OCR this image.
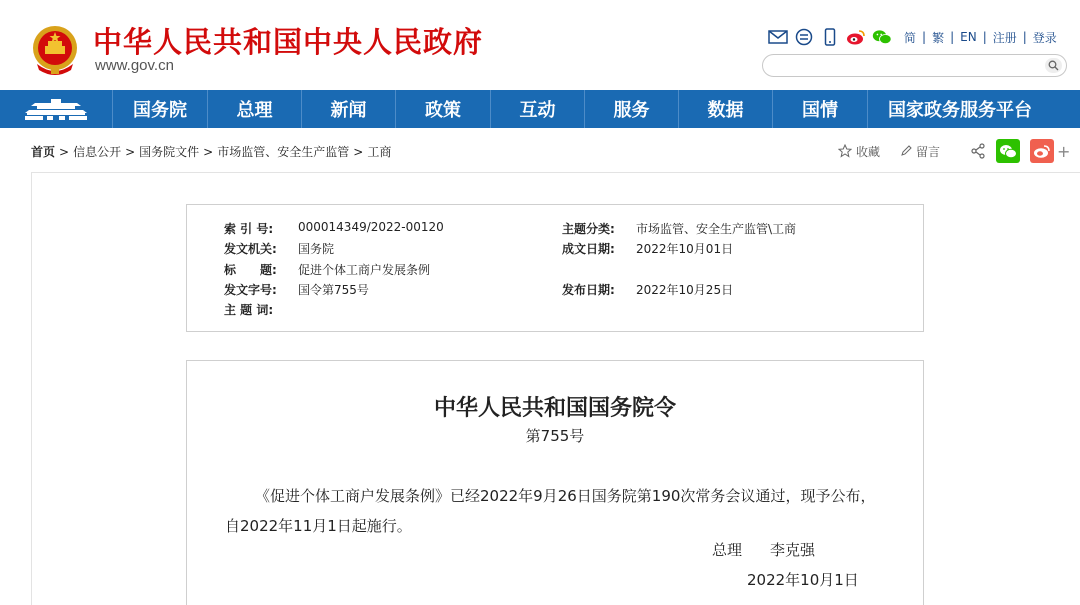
中华人民共和国中央人民政府
www.gov.cn
简 | 繁 | EN | 注册 | 登录
国务院	总理	新闻	政策	互动	服务	数据	国情	国家政务服务平台
首页 > 信息公开 > 国务院文件 > 市场监管、安全生产监管 > 工商	收藏	留言	+
索 引 号: 000014349/2022-00120	主题分类: 市场监管、安全生产监管\工商
发文机关: 国务院	成文日期: 2022年10月01日
标　　题: 促进个体工商户发展条例
发文字号: 国令第755号	发布日期: 2022年10月25日
主 题 词:
中华人民共和国国务院令
第755号
《促进个体工商户发展条例》已经2022年9月26日国务院第190次常务会议通过，现予公布，自2022年11月1日起施行。
总理 李克强
2022年10月1日
